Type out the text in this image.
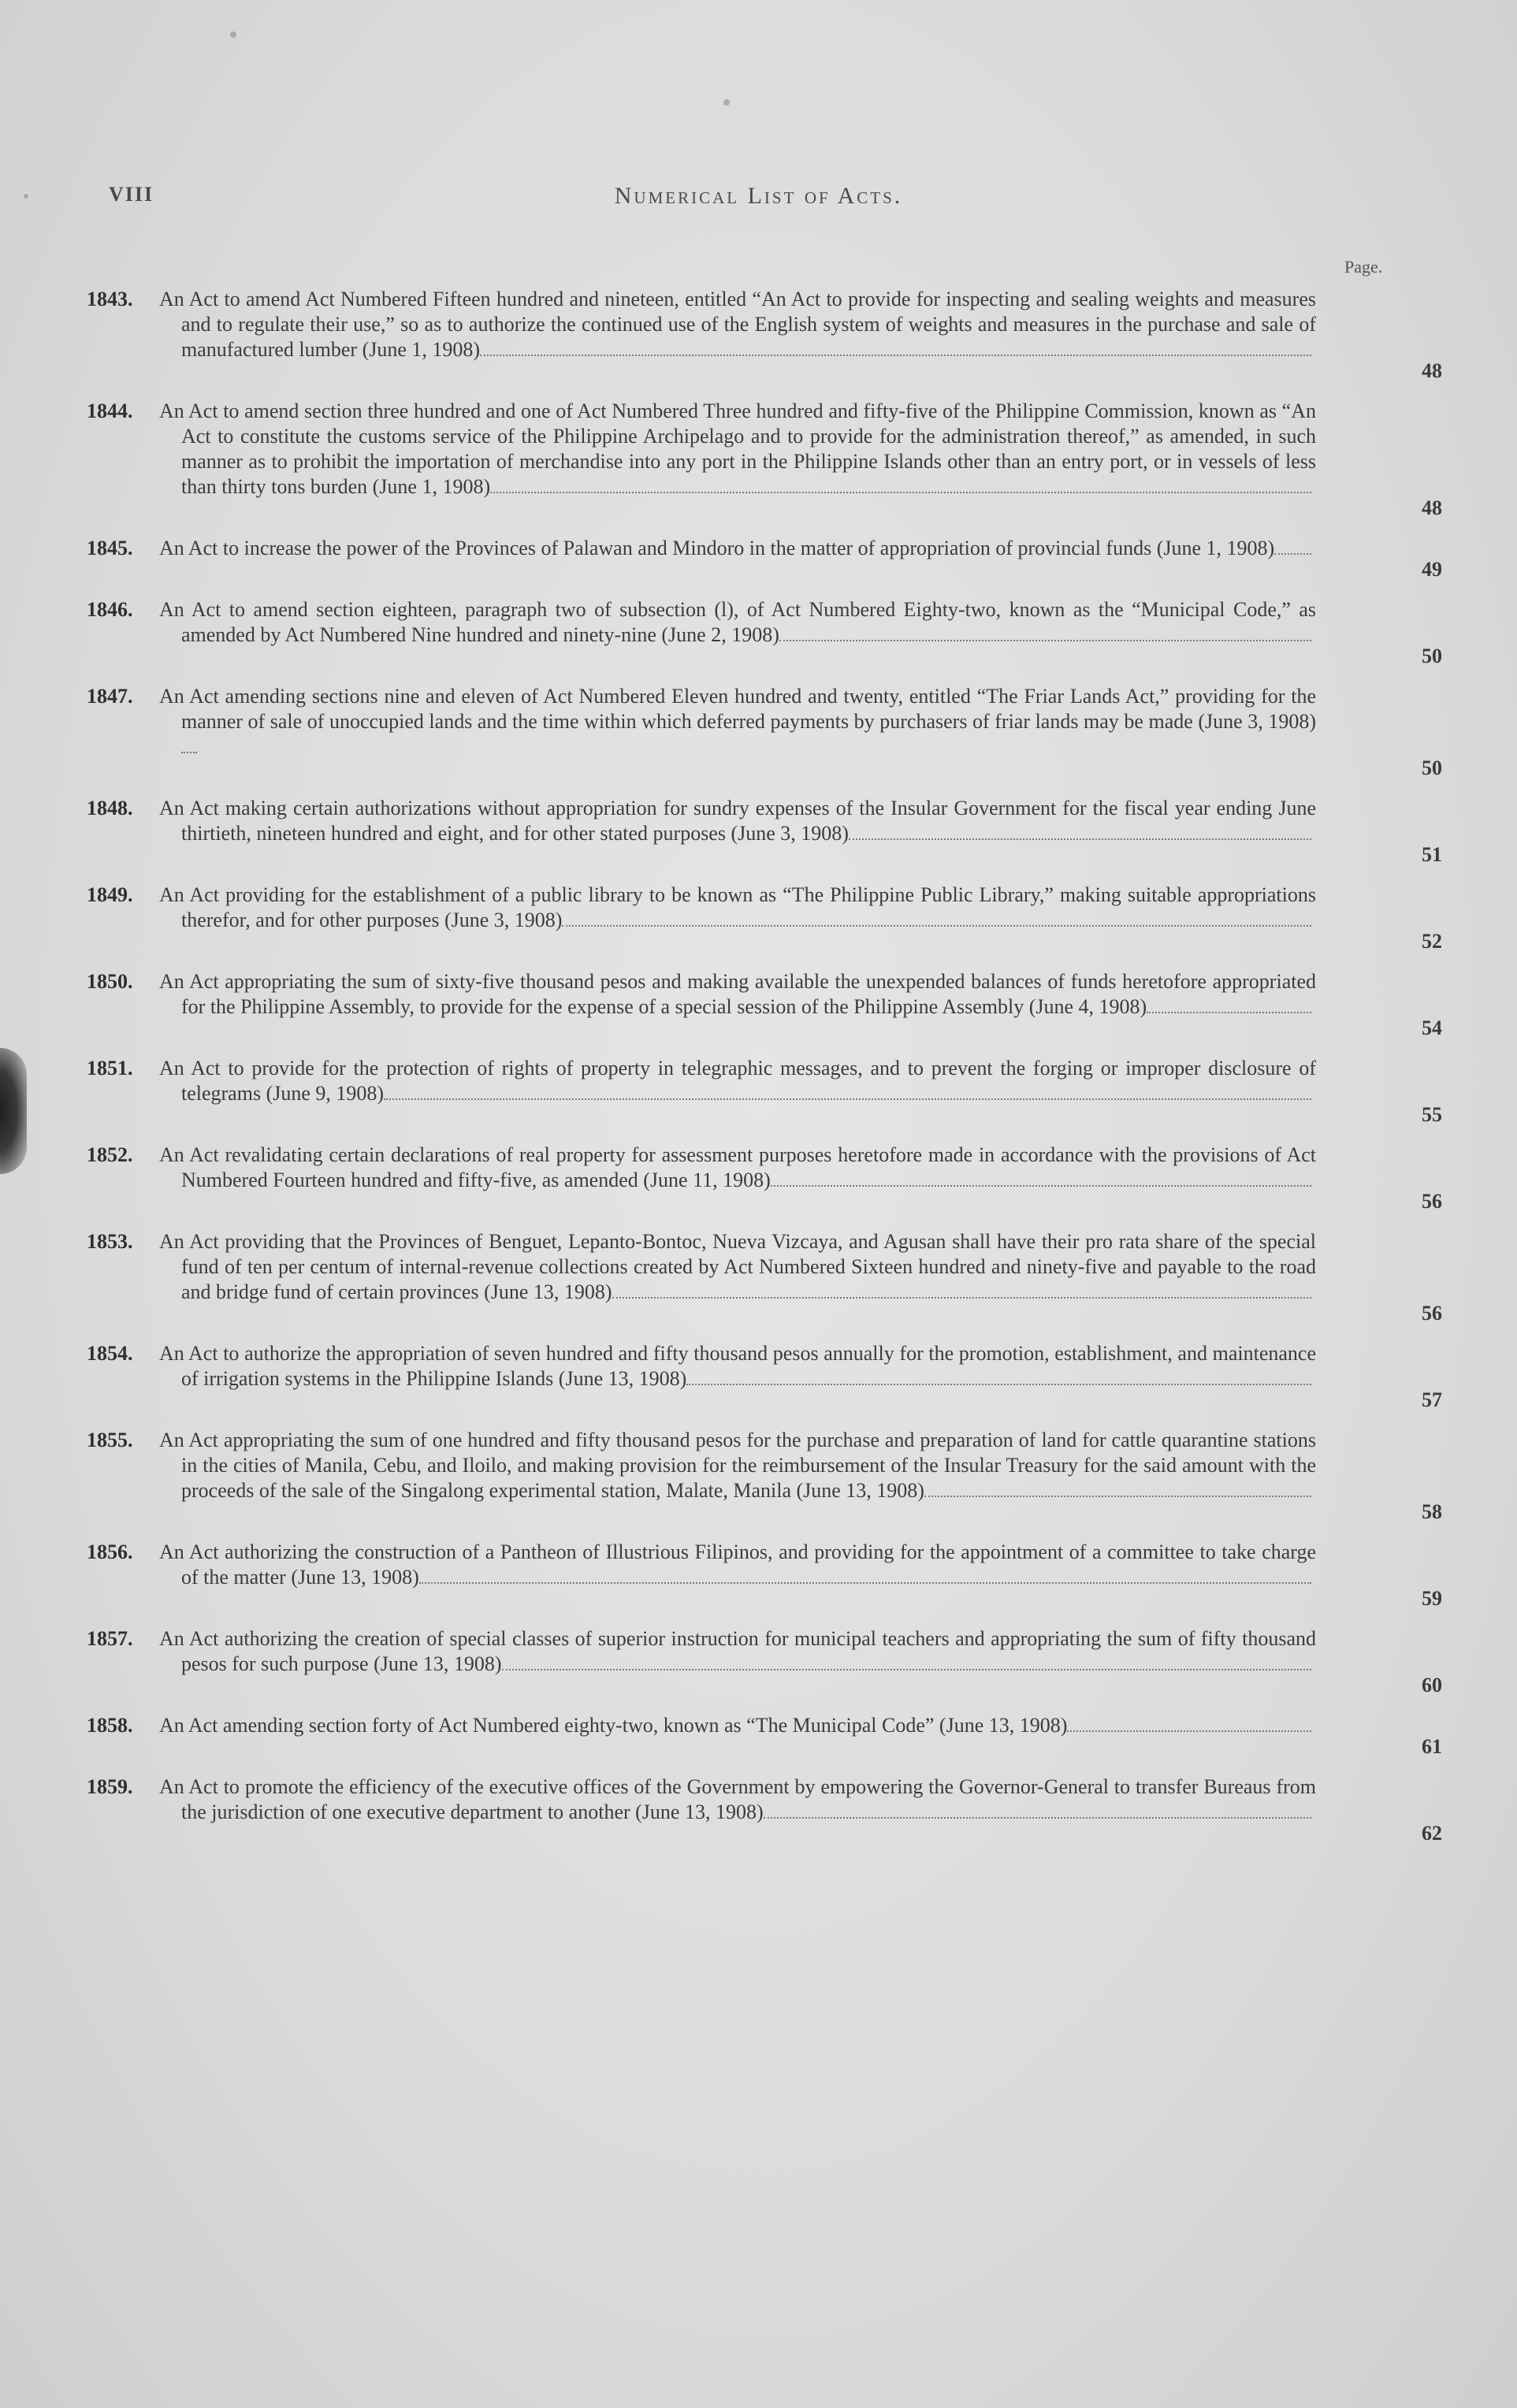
VIII	Numerical List of Acts.
Page.
1843. An Act to amend Act Numbered Fifteen hundred and nineteen, entitled “An Act to provide for inspecting and sealing weights and measures and to regulate their use,” so as to authorize the continued use of the English system of weights and measures in the purchase and sale of manufactured lumber (June 1, 1908)
48
1844. An Act to amend section three hundred and one of Act Numbered Three hundred and fifty-five of the Philippine Commission, known as “An Act to constitute the customs service of the Philippine Archipelago and to provide for the administration thereof,” as amended, in such manner as to prohibit the importation of merchandise into any port in the Philippine Islands other than an entry port, or in vessels of less than thirty tons burden (June 1, 1908)
48
1845. An Act to increase the power of the Provinces of Palawan and Mindoro in the matter of appropriation of provincial funds (June 1, 1908)
49
1846. An Act to amend section eighteen, paragraph two of subsection (l), of Act Numbered Eighty-two, known as the “Municipal Code,” as amended by Act Numbered Nine hundred and ninety-nine (June 2, 1908)
50
1847. An Act amending sections nine and eleven of Act Numbered Eleven hundred and twenty, entitled “The Friar Lands Act,” providing for the manner of sale of unoccupied lands and the time within which deferred payments by purchasers of friar lands may be made (June 3, 1908)
50
1848. An Act making certain authorizations without appropriation for sundry expenses of the Insular Government for the fiscal year ending June thirtieth, nineteen hundred and eight, and for other stated purposes (June 3, 1908)
51
1849. An Act providing for the establishment of a public library to be known as “The Philippine Public Library,” making suitable appropriations therefor, and for other purposes (June 3, 1908)
52
1850. An Act appropriating the sum of sixty-five thousand pesos and making available the unexpended balances of funds heretofore appropriated for the Philippine Assembly, to provide for the expense of a special session of the Philippine Assembly (June 4, 1908)
54
1851. An Act to provide for the protection of rights of property in telegraphic messages, and to prevent the forging or improper disclosure of telegrams (June 9, 1908)
55
1852. An Act revalidating certain declarations of real property for assessment purposes heretofore made in accordance with the provisions of Act Numbered Fourteen hundred and fifty-five, as amended (June 11, 1908)
56
1853. An Act providing that the Provinces of Benguet, Lepanto-Bontoc, Nueva Vizcaya, and Agusan shall have their pro rata share of the special fund of ten per centum of internal-revenue collections created by Act Numbered Sixteen hundred and ninety-five and payable to the road and bridge fund of certain provinces (June 13, 1908)
56
1854. An Act to authorize the appropriation of seven hundred and fifty thousand pesos annually for the promotion, establishment, and maintenance of irrigation systems in the Philippine Islands (June 13, 1908)
57
1855. An Act appropriating the sum of one hundred and fifty thousand pesos for the purchase and preparation of land for cattle quarantine stations in the cities of Manila, Cebu, and Iloilo, and making provision for the reimbursement of the Insular Treasury for the said amount with the proceeds of the sale of the Singalong experimental station, Malate, Manila (June 13, 1908)
58
1856. An Act authorizing the construction of a Pantheon of Illustrious Filipinos, and providing for the appointment of a committee to take charge of the matter (June 13, 1908)
59
1857. An Act authorizing the creation of special classes of superior instruction for municipal teachers and appropriating the sum of fifty thousand pesos for such purpose (June 13, 1908)
60
1858. An Act amending section forty of Act Numbered eighty-two, known as “The Municipal Code” (June 13, 1908)
61
1859. An Act to promote the efficiency of the executive offices of the Government by empowering the Governor-General to transfer Bureaus from the jurisdiction of one executive department to another (June 13, 1908)
62
